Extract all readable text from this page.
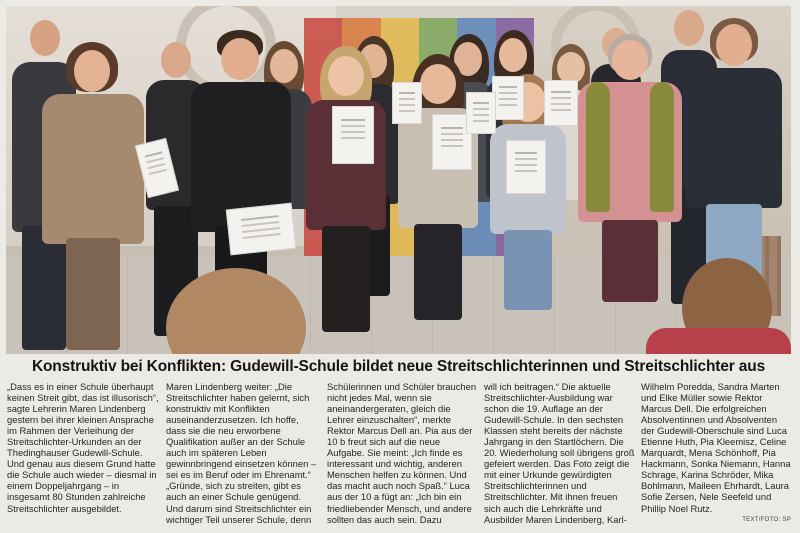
Konstruktiv bei Konflikten: Gudewill-Schule bildet neue Streitschlichterinnen und Streitschlichter aus

„Dass es in einer Schule überhaupt keinen Streit gibt, das ist illusorisch“, sagte Lehrerin Maren Lindenberg gestern bei ihrer kleinen Ansprache im Rahmen der Verleihung der Streitschlichter-Urkunden an der Thedinghauser Gudewill-Schule. Und genau aus diesem Grund hatte die Schule auch wieder – diesmal in einem Doppeljahrgang – in insgesamt 80 Stunden zahlreiche Streitschlichter ausgebildet.

Maren Lindenberg weiter: „Die Streitschlichter haben gelernt, sich konstruktiv mit Konflikten auseinanderzusetzen. Ich hoffe, dass sie die neu erworbene Qualifikation außer an der Schule auch im späteren Leben gewinnbringend einsetzen können – sei es im Beruf oder im Ehrenamt.“ „Gründe, sich zu streiten, gibt es auch an einer Schule genügend. Und darum sind Streitschlichter ein wichtiger Teil unserer Schule, denn

Schülerinnen und Schüler brauchen nicht jedes Mal, wenn sie aneinandergeraten, gleich die Lehrer einzuschalten“, merkte Rektor Marcus Dell an. Pia aus der 10 b freut sich auf die neue Aufgabe. Sie meint: „Ich finde es interessant und wichtig, anderen Menschen helfen zu können. Und das macht auch noch Spaß.“ Luca aus der 10 a fügt an: „Ich bin ein friedliebender Mensch, und andere sollten das auch sein. Dazu

will ich beitragen.“ Die aktuelle Streitschlichter-Ausbildung war schon die 19. Auflage an der Gudewill-Schule. In den sechsten Klassen steht bereits der nächste Jahrgang in den Startlöchern. Die 20. Wiederholung soll übrigens groß gefeiert werden. Das Foto zeigt die mit einer Urkunde gewürdigten Streitschlichterinnen und Streitschlichter. Mit ihnen freuen sich auch die Lehrkräfte und Ausbilder Maren Lindenberg, Karl-

Wilhelm Poredda, Sandra Marten und Elke Müller sowie Rektor Marcus Dell. Die erfolgreichen Absolventinnen und Absolventen der Gudewill-Oberschule sind Luca Etienne Huth, Pia Kleemisz, Celine Marquardt, Mena Schönhoff, Pia Hackmann, Sonka Niemann, Hanna Schrage, Karina Schröder, Mika Bohlmann, Maileen Ehrhardt, Laura Sofie Zersen, Nele Seefeld und Phillip Noel Rutz.

TEXT/FOTO: SP
